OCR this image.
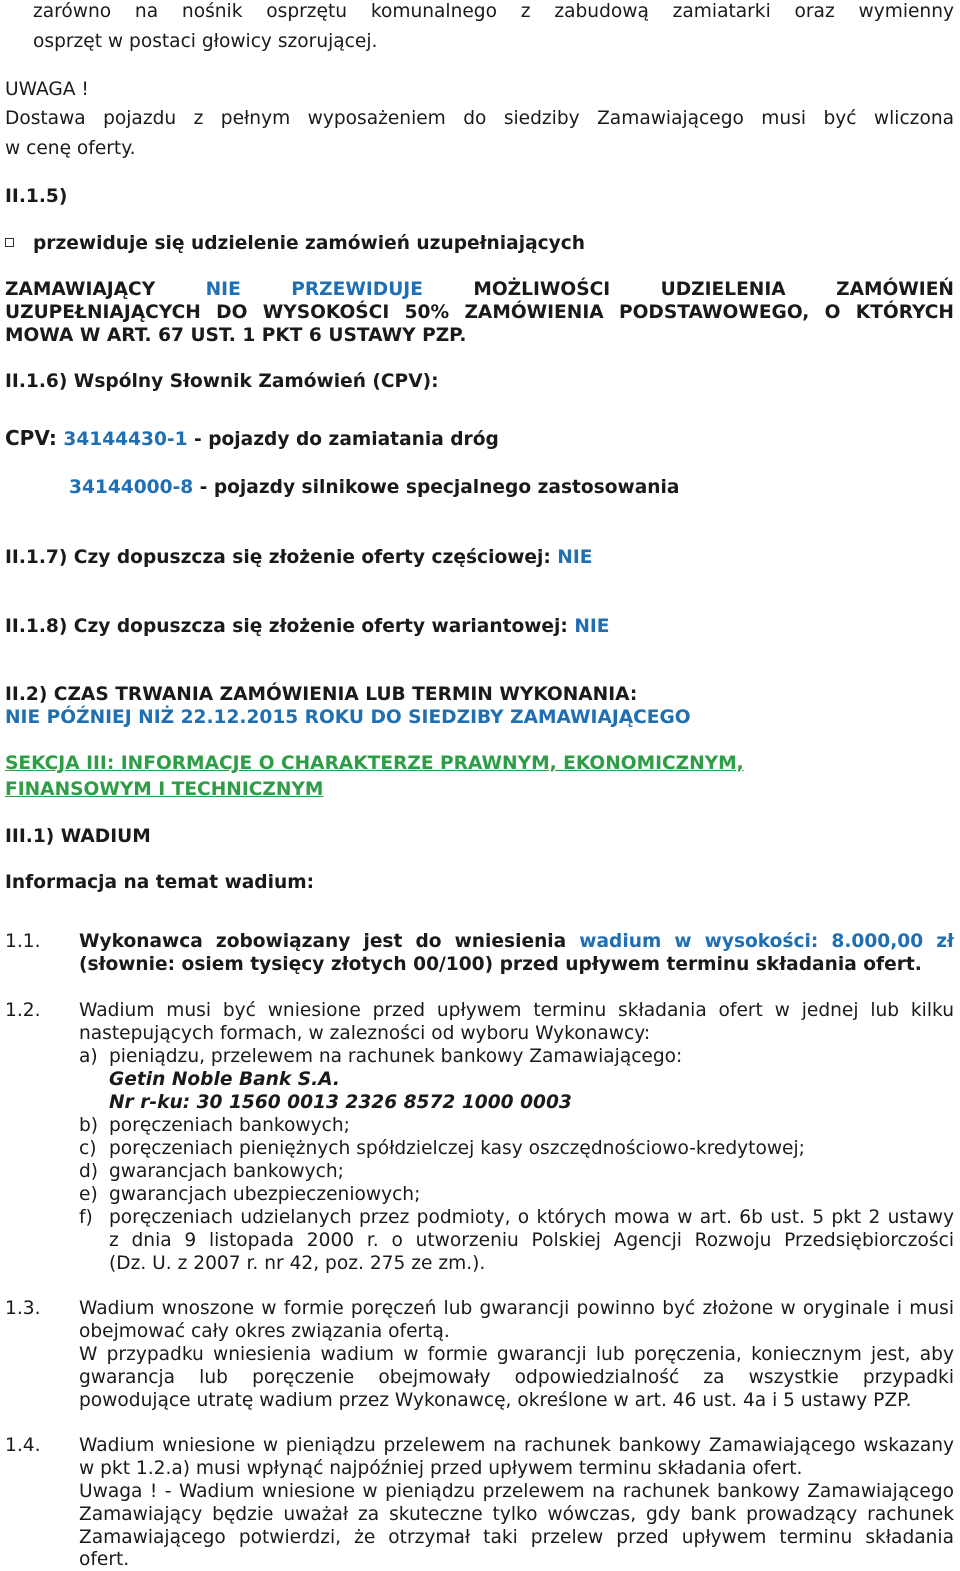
zarówno na nośnik osprzętu komunalnego z zabudową zamiatarki oraz wymienny
osprzęt w postaci głowicy szorującej.
UWAGA !
Dostawa pojazdu z pełnym wyposażeniem do siedziby Zamawiającego musi być wliczona
w cenę oferty.
II.1.5)
przewiduje się udzielenie zamówień uzupełniających
ZAMAWIAJĄCY	NIE	PRZEWIDUJE	MOŻLIWOŚCI	UDZIELENIA	ZAMÓWIEŃ
UZUPEŁNIAJĄCYCH DO WYSOKOŚCI 50% ZAMÓWIENIA PODSTAWOWEGO, O KTÓRYCH
MOWA W ART. 67 UST. 1 PKT 6 USTAWY PZP.
II.1.6) Wspólny Słownik Zamówień (CPV):
CPV: 34144430-1 - pojazdy do zamiatania dróg
34144000-8 - pojazdy silnikowe specjalnego zastosowania
II.1.7) Czy dopuszcza się złożenie oferty częściowej: NIE
II.1.8) Czy dopuszcza się złożenie oferty wariantowej: NIE
II.2) CZAS TRWANIA ZAMÓWIENIA LUB TERMIN WYKONANIA:
NIE PÓŹNIEJ NIŻ 22.12.2015 ROKU DO SIEDZIBY ZAMAWIAJĄCEGO
SEKCJA III: INFORMACJE O CHARAKTERZE PRAWNYM, EKONOMICZNYM,
FINANSOWYM I TECHNICZNYM
III.1) WADIUM
Informacja na temat wadium:
1.1. Wykonawca zobowiązany jest do wniesienia wadium w wysokości: 8.000,00 zł
(słownie: osiem tysięcy złotych 00/100) przed upływem terminu składania ofert.
1.2. Wadium musi być wniesione przed upływem terminu składania ofert w jednej lub kilku
nastepujących formach, w zalezności od wyboru Wykonawcy:
a) pieniądzu, przelewem na rachunek bankowy Zamawiającego:
Getin Noble Bank S.A.
Nr r-ku: 30 1560 0013 2326 8572 1000 0003
b) poręczeniach bankowych;
c) poręczeniach pieniężnych spółdzielczej kasy oszczędnościowo-kredytowej;
d) gwarancjach bankowych;
e) gwarancjach ubezpieczeniowych;
f) poręczeniach udzielanych przez podmioty, o których mowa w art. 6b ust. 5 pkt 2 ustawy
z dnia 9 listopada 2000 r. o utworzeniu Polskiej Agencji Rozwoju Przedsiębiorczości
(Dz. U. z 2007 r. nr 42, poz. 275 ze zm.).
1.3. Wadium wnoszone w formie poręczeń lub gwarancji powinno być złożone w oryginale i musi
obejmować cały okres związania ofertą.
W przypadku wniesienia wadium w formie gwarancji lub poręczenia, koniecznym jest, aby
gwarancja lub poręczenie obejmowały odpowiedzialność za wszystkie przypadki
powodujące utratę wadium przez Wykonawcę, określone w art. 46 ust. 4a i 5 ustawy PZP.
1.4. Wadium wniesione w pieniądzu przelewem na rachunek bankowy Zamawiającego wskazany
w pkt 1.2.a) musi wpłynąć najpóźniej przed upływem terminu składania ofert.
Uwaga ! - Wadium wniesione w pieniądzu przelewem na rachunek bankowy Zamawiającego
Zamawiający będzie uważał za skuteczne tylko wówczas, gdy bank prowadzący rachunek
Zamawiającego potwierdzi, że otrzymał taki przelew przed upływem terminu składania
ofert.
